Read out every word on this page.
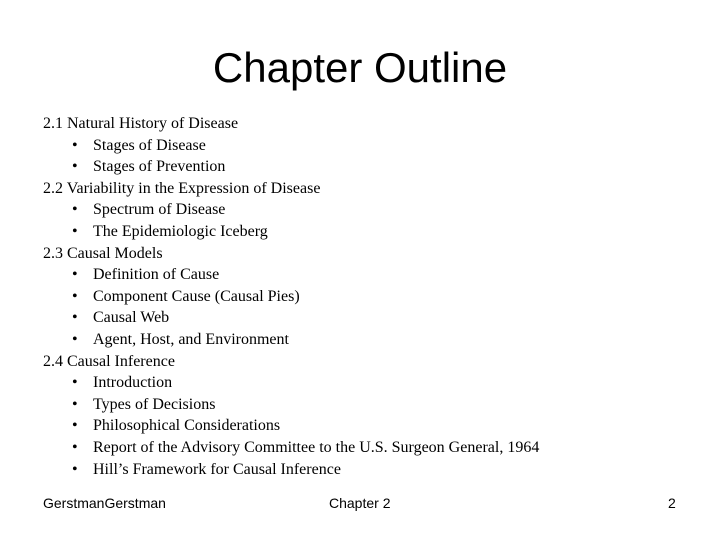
Chapter Outline
2.1 Natural History of Disease
• Stages of Disease
• Stages of Prevention
2.2 Variability in the Expression of Disease
• Spectrum of Disease
• The Epidemiologic Iceberg
2.3 Causal Models
• Definition of Cause
• Component Cause (Causal Pies)
• Causal Web
• Agent, Host, and Environment
2.4 Causal Inference
• Introduction
• Types of Decisions
• Philosophical Considerations
• Report of the Advisory Committee to the U.S. Surgeon General, 1964
• Hill’s Framework for Causal Inference
GerstmanGerstman	Chapter 2	2
